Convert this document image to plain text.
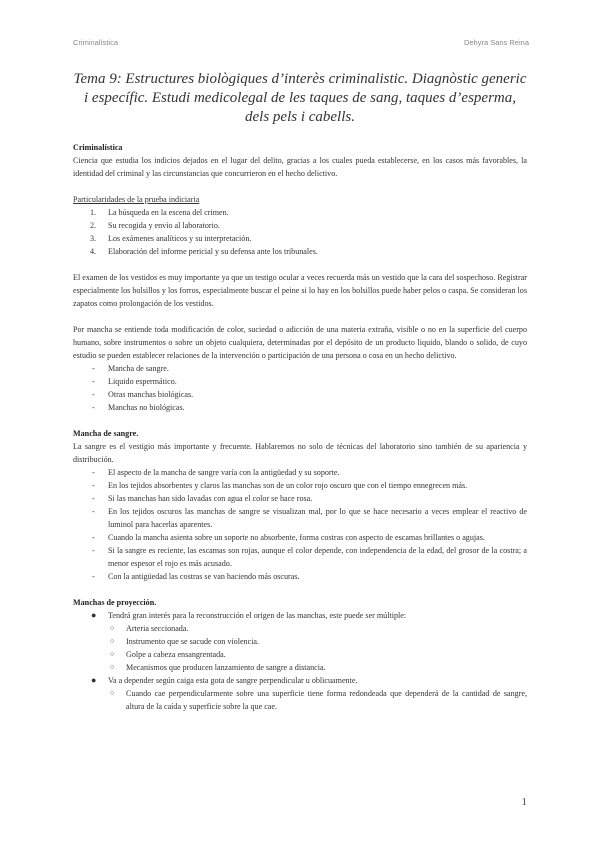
Criminalística	Dehyra Sans Reina
Tema 9: Estructures biològiques d’interès criminalistic. Diagnòstic generic i específic. Estudi medicolegal de les taques de sang, taques d’esperma, dels pels i cabells.

Criminalística

Ciencia que estudia los indicios dejados en el lugar del delito, gracias a los cuales pueda establecerse, en los casos más favorables, la identidad del criminal y las circunstancias que concurrieron en el hecho delictivo.

Particularidades de la prueba indiciaria

1. La búsqueda en la escena del crimen.
2. Su recogida y envío al laboratorio.
3. Los exámenes analíticos y su interpretación.
4. Elaboración del informe pericial y su defensa ante los tribunales.

El examen de los vestidos es muy importante ya que un testigo ocular a veces recuerda más un vestido que la cara del sospechoso. Registrar especialmente los bolsillos y los forros, especialmente buscar el peine si lo hay en los bolsillos puede haber pelos o caspa. Se consideran los zapatos como prolongación de los vestidos.

Por mancha se entiende toda modificación de color, suciedad o adicción de una materia extraña, visible o no en la superficie del cuerpo humano, sobre instrumentos o sobre un objeto cualquiera, determinadas por el depósito de un producto liquido, blando o solido, de cuyo estudio se pueden establecer relaciones de la intervención o participación de una persona o cosa en un hecho delictivo.

- Mancha de sangre.
- Liquido espermático.
- Otras manchas biológicas.
- Manchas no biológicas.

Mancha de sangre.

La sangre es el vestigio más importante y frecuente. Hablaremos no solo de técnicas del laboratorio sino también de su apariencia y distribución.

- El aspecto de la mancha de sangre varía con la antigüedad y su soporte.
- En los tejidos absorbentes y claros las manchas son de un color rojo oscuro que con el tiempo ennegrecen más.
- Si las manchas han sido lavadas con agua el color se hace rosa.
- En los tejidos oscuros las manchas de sangre se visualizan mal, por lo que se hace necesario a veces emplear el reactivo de luminol para hacerlas aparentes.
- Cuando la mancha asienta sobre un soporte no absorbente, forma costras con aspecto de escamas brillantes o agujas.
- Si la sangre es reciente, las escamas son rojas, aunque el color depende, con independencia de la edad, del grosor de la costra; a menor espesor el rojo es más acusado.
- Con la antigüedad las costras se van haciendo más oscuras.

Manchas de proyección.

● Tendrá gran interés para la reconstrucción el origen de las manchas, este puede ser múltiple:
○ Arteria seccionada.
○ Instrumento que se sacude con violencia.
○ Golpe a cabeza ensangrentada.
○ Mecanismos que producen lanzamiento de sangre a distancia.
● Va a depender según caiga esta gota de sangre perpendicular u oblicuamente.
○ Cuando cae perpendicularmente sobre una superficie tiene forma redondeada que dependerá de la cantidad de sangre, altura de la caída y superficie sobre la que cae.
1
